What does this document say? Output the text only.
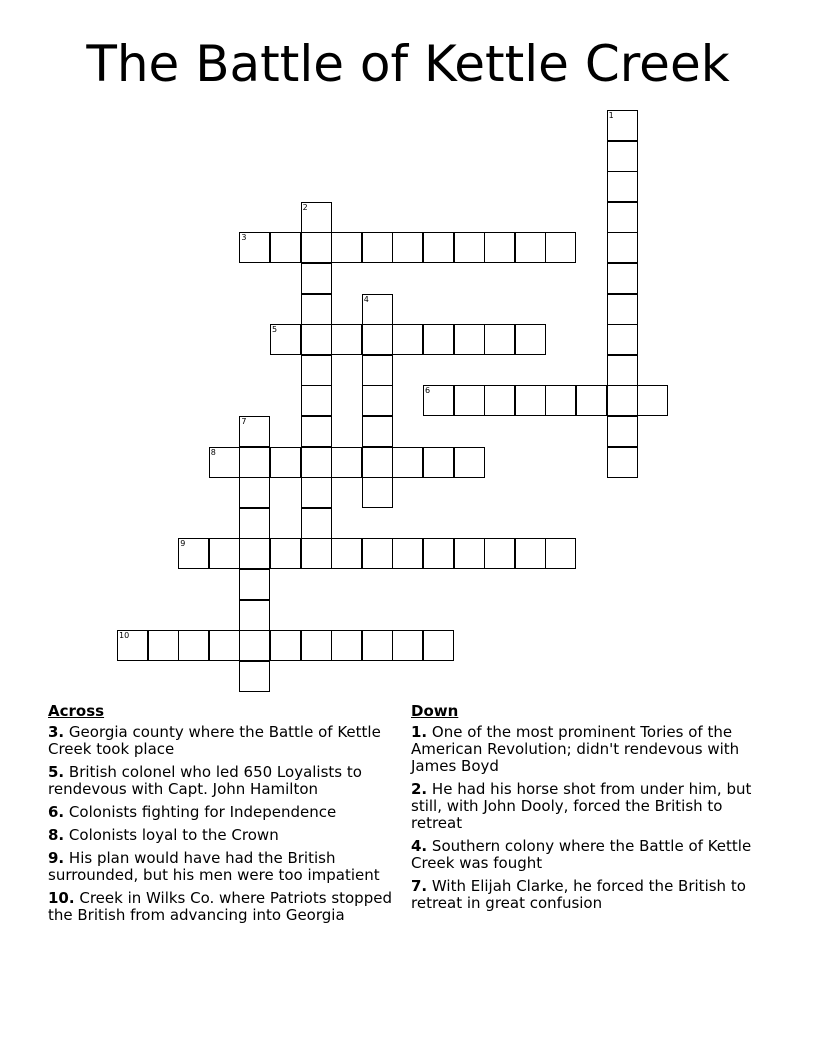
The Battle of Kettle Creek
1
2
3
4
5
6
7
8
9
10
Across
3. Georgia county where the Battle of Kettle Creek took place
5. British colonel who led 650 Loyalists to rendevous with Capt. John Hamilton
6. Colonists fighting for Independence
8. Colonists loyal to the Crown
9. His plan would have had the British surrounded, but his men were too impatient
10. Creek in Wilks Co. where Patriots stopped the British from advancing into Georgia
Down
1. One of the most prominent Tories of the American Revolution; didn't rendevous with James Boyd
2. He had his horse shot from under him, but still, with John Dooly, forced the British to retreat
4. Southern colony where the Battle of Kettle Creek was fought
7. With Elijah Clarke, he forced the British to retreat in great confusion
